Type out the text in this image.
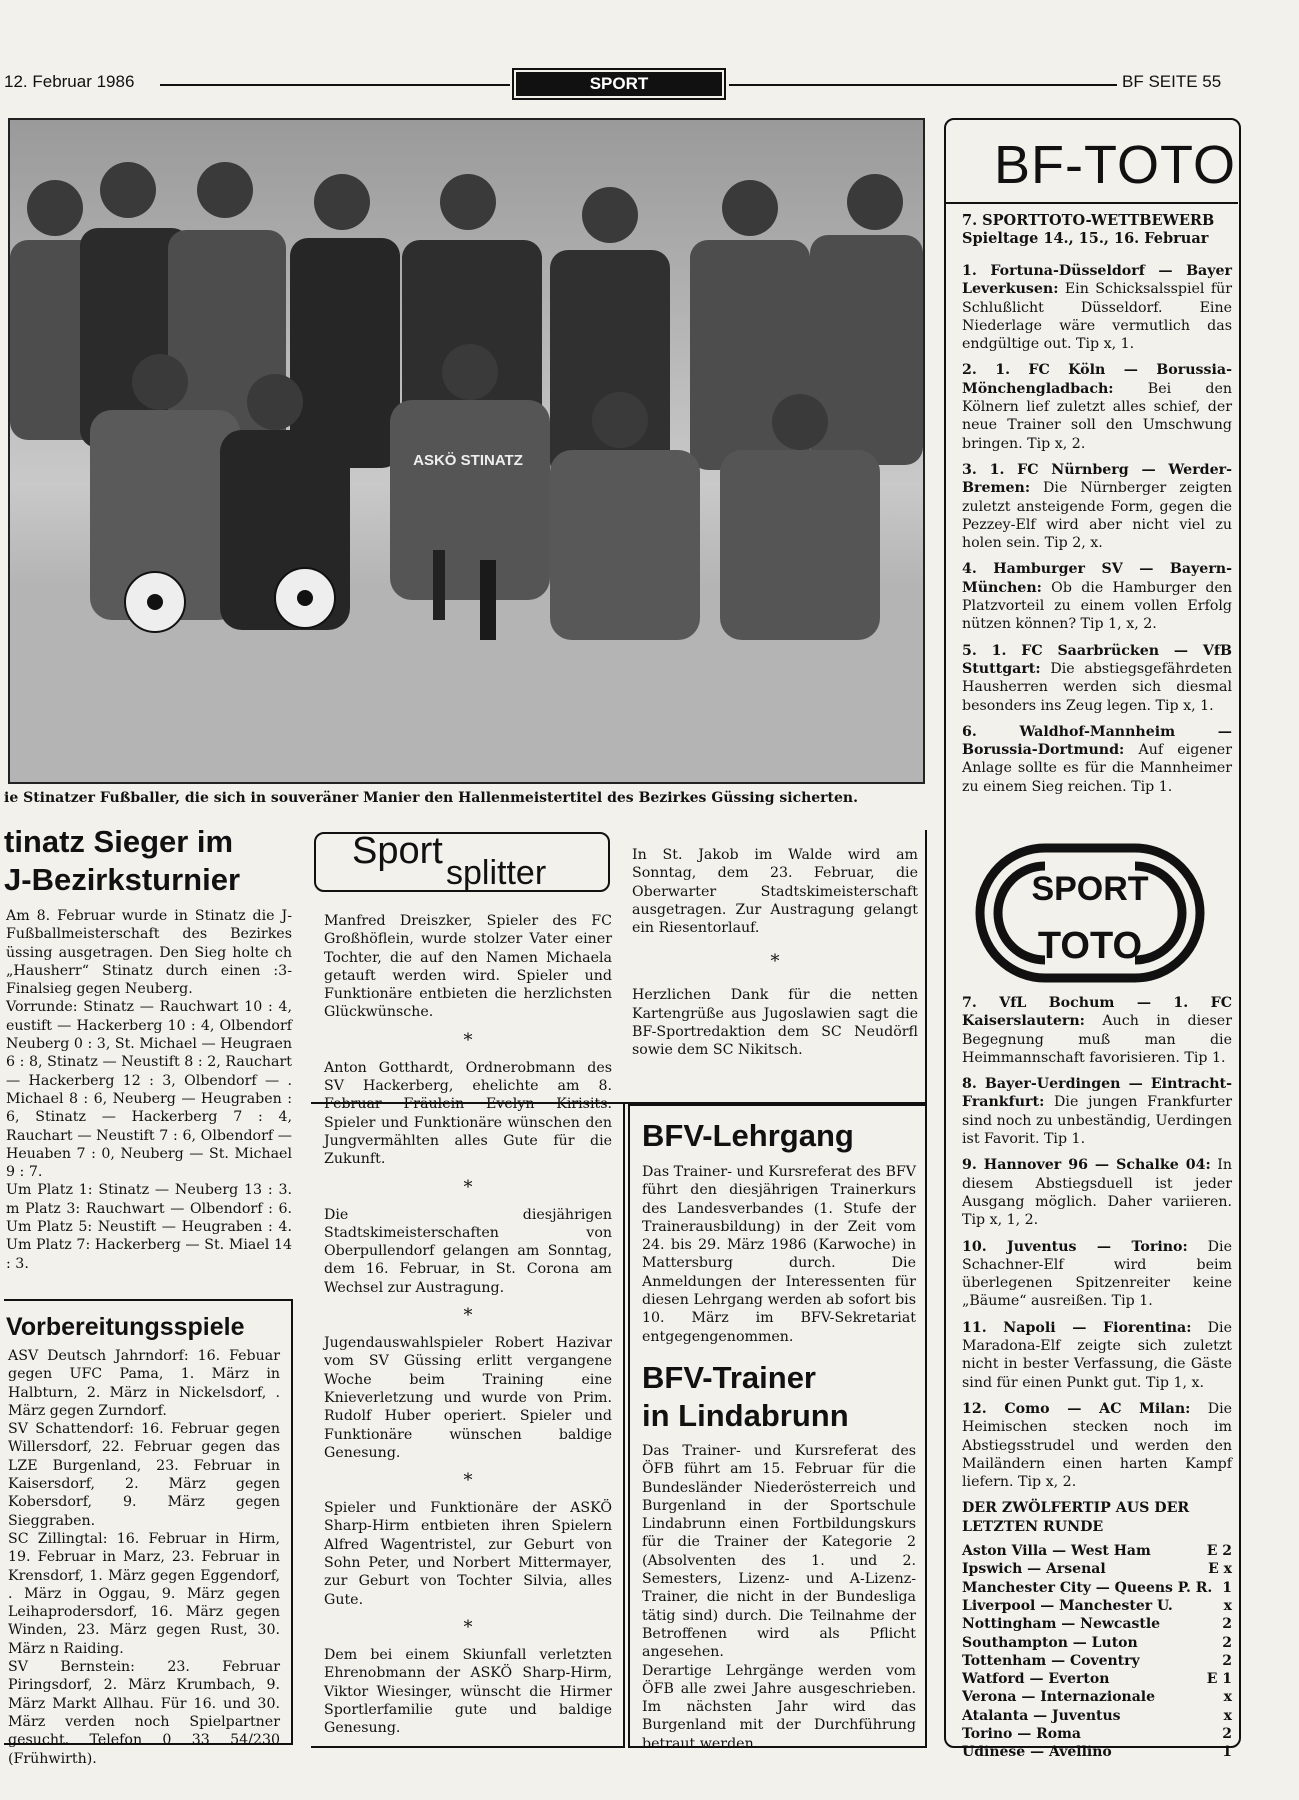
12. Februar 1986	SPORT	BF SEITE 55
ASKÖ STINATZ
ie Stinatzer Fußballer, die sich in souveräner Manier den Hallenmeistertitel des Bezirkes Güssing sicherten.
tinatz Sieger im
J-Bezirksturnier

Am 8. Februar wurde in Stinatz die J-Fußballmeisterschaft des Bezirkes üssing ausgetragen. Den Sieg holte ch „Hausherr“ Stinatz durch einen :3-Finalsieg gegen Neuberg.

Vorrunde: Stinatz — Rauchwart 10 : 4, eustift — Hackerberg 10 : 4, Olbendorf Neuberg 0 : 3, St. Michael — Heugraen 6 : 8, Stinatz — Neustift 8 : 2, Rauchart — Hackerberg 12 : 3, Olbendorf — . Michael 8 : 6, Neuberg — Heugraben : 6, Stinatz — Hackerberg 7 : 4, Rauchart — Neustift 7 : 6, Olbendorf — Heuaben 7 : 0, Neuberg — St. Michael 9 : 7.

Um Platz 1: Stinatz — Neuberg 13 : 3. m Platz 3: Rauchwart — Olbendorf : 6. Um Platz 5: Neustift — Heugraben : 4. Um Platz 7: Hackerberg — St. Miael 14 : 3.

Vorbereitungsspiele

ASV Deutsch Jahrndorf: 16. Febuar gegen UFC Pama, 1. März in Halbturn, 2. März in Nickelsdorf, . März gegen Zurndorf.

SV Schattendorf: 16. Februar gegen Willersdorf, 22. Februar gegen das LZE Burgenland, 23. Februar in Kaisersdorf, 2. März gegen Kobersdorf, 9. März gegen Sieggraben.

SC Zillingtal: 16. Februar in Hirm, 19. Februar in Marz, 23. Februar in Krensdorf, 1. März gegen Eggendorf, . März in Oggau, 9. März gegen Leihaprodersdorf, 16. März gegen Winden, 23. März gegen Rust, 30. März n Raiding.

SV Bernstein: 23. Februar Piringsdorf, 2. März Krumbach, 9. März Markt Allhau. Für 16. und 30. März verden noch Spielpartner gesucht. Telefon 0 33 54/230 (Frühwirth).

Sport
splitter

Manfred Dreiszker, Spieler des FC Großhöflein, wurde stolzer Vater einer Tochter, die auf den Namen Michaela getauft werden wird. Spieler und Funktionäre entbieten die herzlichsten Glückwünsche.

*

Anton Gotthardt, Ordnerobmann des SV Hackerberg, ehelichte am 8. Februar Fräulein Evelyn Kirisits. Spieler und Funktionäre wünschen den Jungvermählten alles Gute für die Zukunft.

*

Die diesjährigen Stadtskimeisterschaften von Oberpullendorf gelangen am Sonntag, dem 16. Februar, in St. Corona am Wechsel zur Austragung.

*

Jugendauswahlspieler Robert Hazivar vom SV Güssing erlitt vergangene Woche beim Training eine Knieverletzung und wurde von Prim. Rudolf Huber operiert. Spieler und Funktionäre wünschen baldige Genesung.

*

Spieler und Funktionäre der ASKÖ Sharp-Hirm entbieten ihren Spielern Alfred Wagentristel, zur Geburt von Sohn Peter, und Norbert Mittermayer, zur Geburt von Tochter Silvia, alles Gute.

*

Dem bei einem Skiunfall verletzten Ehrenobmann der ASKÖ Sharp-Hirm, Viktor Wiesinger, wünscht die Hirmer Sportlerfamilie gute und baldige Genesung.

In St. Jakob im Walde wird am Sonntag, dem 23. Februar, die Oberwarter Stadtskimeisterschaft ausgetragen. Zur Austragung gelangt ein Riesentorlauf.

*

Herzlichen Dank für die netten Kartengrüße aus Jugoslawien sagt die BF-Sportredaktion dem SC Neudörfl sowie dem SC Nikitsch.

BFV-Lehrgang

Das Trainer- und Kursreferat des BFV führt den diesjährigen Trainerkurs des Landesverbandes (1. Stufe der Trainerausbildung) in der Zeit vom 24. bis 29. März 1986 (Karwoche) in Mattersburg durch. Die Anmeldungen der Interessenten für diesen Lehrgang werden ab sofort bis 10. März im BFV-Sekretariat entgegengenommen.

BFV-Trainer
in Lindabrunn

Das Trainer- und Kursreferat des ÖFB führt am 15. Februar für die Bundesländer Niederösterreich und Burgenland in der Sportschule Lindabrunn einen Fortbildungskurs für die Trainer der Kategorie 2 (Absolventen des 1. und 2. Semesters, Lizenz- und A-Lizenz-Trainer, die nicht in der Bundesliga tätig sind) durch. Die Teilnahme der Betroffenen wird als Pflicht angesehen.

Derartige Lehrgänge werden vom ÖFB alle zwei Jahre ausgeschrieben. Im nächsten Jahr wird das Burgenland mit der Durchführung betraut werden.

BF-TOTO
7. SPORTTOTO-WETTBEWERB
Spieltage 14., 15., 16. Februar

1. Fortuna-Düsseldorf — Bayer Leverkusen: Ein Schicksalsspiel für Schlußlicht Düsseldorf. Eine Niederlage wäre vermutlich das endgültige out. Tip x, 1.

2. 1. FC Köln — Borussia-Mönchengladbach: Bei den Kölnern lief zuletzt alles schief, der neue Trainer soll den Umschwung bringen. Tip x, 2.

3. 1. FC Nürnberg — Werder-Bremen: Die Nürnberger zeigten zuletzt ansteigende Form, gegen die Pezzey-Elf wird aber nicht viel zu holen sein. Tip 2, x.

4. Hamburger SV — Bayern-München: Ob die Hamburger den Platzvorteil zu einem vollen Erfolg nützen können? Tip 1, x, 2.

5. 1. FC Saarbrücken — VfB Stuttgart: Die abstiegsgefährdeten Hausherren werden sich diesmal besonders ins Zeug legen. Tip x, 1.

6. Waldhof-Mannheim — Borussia-Dortmund: Auf eigener Anlage sollte es für die Mannheimer zu einem Sieg reichen. Tip 1.

SPORT
TOTO

7. VfL Bochum — 1. FC Kaiserslautern: Auch in dieser Begegnung muß man die Heimmannschaft favorisieren. Tip 1.

8. Bayer-Uerdingen — Eintracht-Frankfurt: Die jungen Frankfurter sind noch zu unbeständig, Uerdingen ist Favorit. Tip 1.

9. Hannover 96 — Schalke 04: In diesem Abstiegsduell ist jeder Ausgang möglich. Daher variieren. Tip x, 1, 2.

10. Juventus — Torino: Die Schachner-Elf wird beim überlegenen Spitzenreiter keine „Bäume“ ausreißen. Tip 1.

11. Napoli — Fiorentina: Die Maradona-Elf zeigte sich zuletzt nicht in bester Verfassung, die Gäste sind für einen Punkt gut. Tip 1, x.

12. Como — AC Milan: Die Heimischen stecken noch im Abstiegsstrudel und werden den Mailändern einen harten Kampf liefern. Tip x, 2.

DER ZWÖLFERTIP AUS DER LETZTEN RUNDE
Aston Villa — West Ham	E 2
Ipswich — Arsenal	E x
Manchester City — Queens P. R. 1
Liverpool — Manchester U.	x
Nottingham — Newcastle	2
Southampton — Luton	2
Tottenham — Coventry	2
Watford — Everton	E 1
Verona — Internazionale	x
Atalanta — Juventus	x
Torino — Roma	2
Udinese — Avellino	1
